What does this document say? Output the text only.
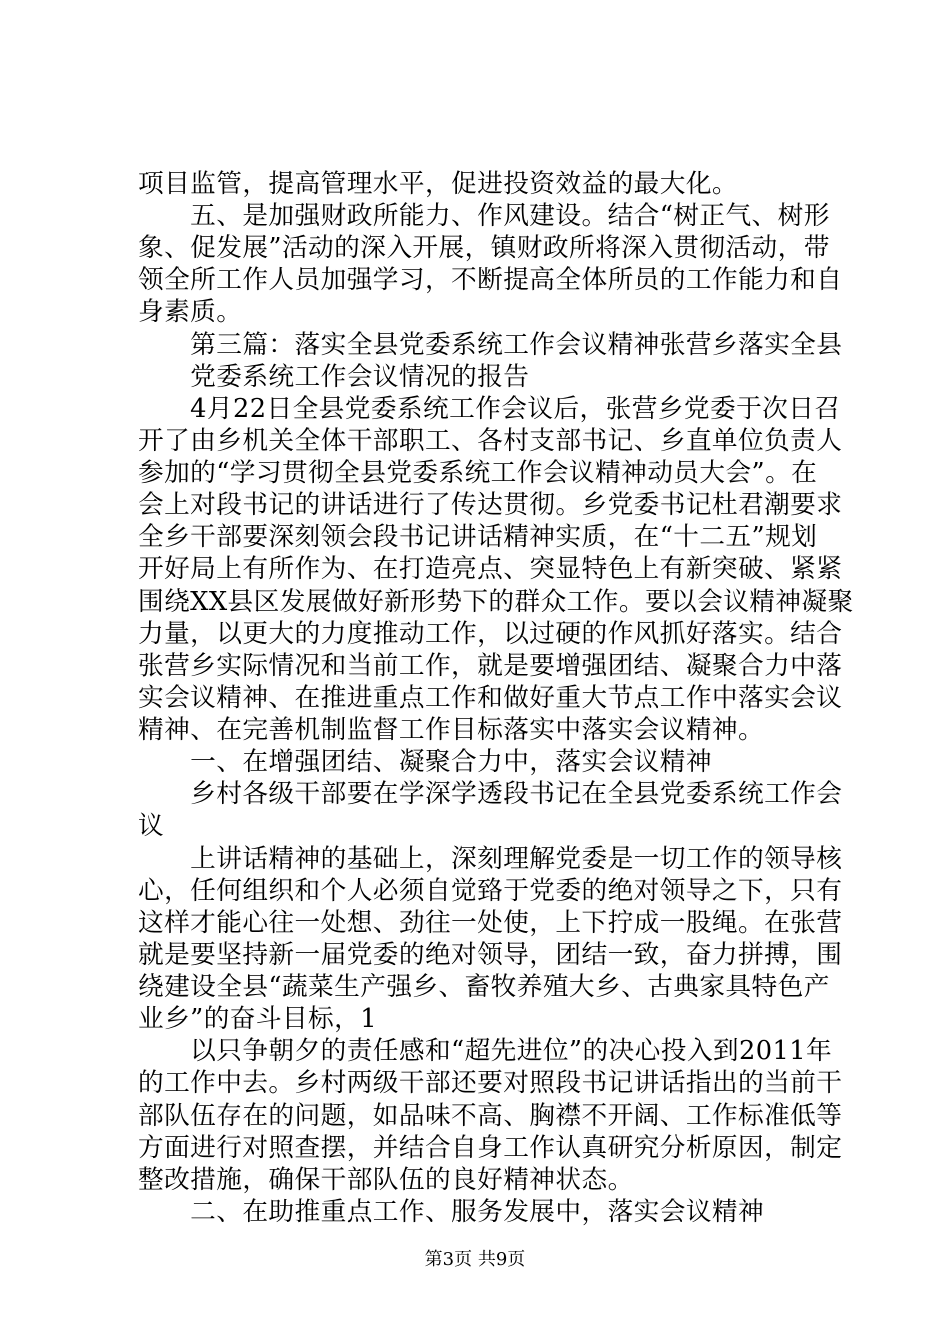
项目监管，提高管理水平，促进投资效益的最大化。
　　五、是加强财政所能力、作风建设。结合“树正气、树形
象、促发展”活动的深入开展，镇财政所将深入贯彻活动，带
领全所工作人员加强学习，不断提高全体所员的工作能力和自
身素质。
　　第三篇：落实全县党委系统工作会议精神张营乡落实全县
　　党委系统工作会议情况的报告
　　4月22日全县党委系统工作会议后，张营乡党委于次日召
开了由乡机关全体干部职工、各村支部书记、乡直单位负责人
参加的“学习贯彻全县党委系统工作会议精神动员大会”。在
会上对段书记的讲话进行了传达贯彻。乡党委书记杜君潮要求
全乡干部要深刻领会段书记讲话精神实质，在“十二五”规划
开好局上有所作为、在打造亮点、突显特色上有新突破、紧紧
围绕XX县区发展做好新形势下的群众工作。要以会议精神凝聚
力量，以更大的力度推动工作，以过硬的作风抓好落实。结合
张营乡实际情况和当前工作，就是要增强团结、凝聚合力中落
实会议精神、在推进重点工作和做好重大节点工作中落实会议
精神、在完善机制监督工作目标落实中落实会议精神。
　　一、在增强团结、凝聚合力中，落实会议精神
　　乡村各级干部要在学深学透段书记在全县党委系统工作会
议
　　上讲话精神的基础上，深刻理解党委是一切工作的领导核
心，任何组织和个人必须自觉臵于党委的绝对领导之下，只有
这样才能心往一处想、劲往一处使，上下拧成一股绳。在张营
就是要坚持新一届党委的绝对领导，团结一致，奋力拼搏，围
绕建设全县“蔬菜生产强乡、畜牧养殖大乡、古典家具特色产
业乡”的奋斗目标，1
　　以只争朝夕的责任感和“超先进位”的决心投入到2011年
的工作中去。乡村两级干部还要对照段书记讲话指出的当前干
部队伍存在的问题，如品味不高、胸襟不开阔、工作标准低等
方面进行对照查摆，并结合自身工作认真研究分析原因，制定
整改措施，确保干部队伍的良好精神状态。
　　二、在助推重点工作、服务发展中，落实会议精神
第3页 共9页
